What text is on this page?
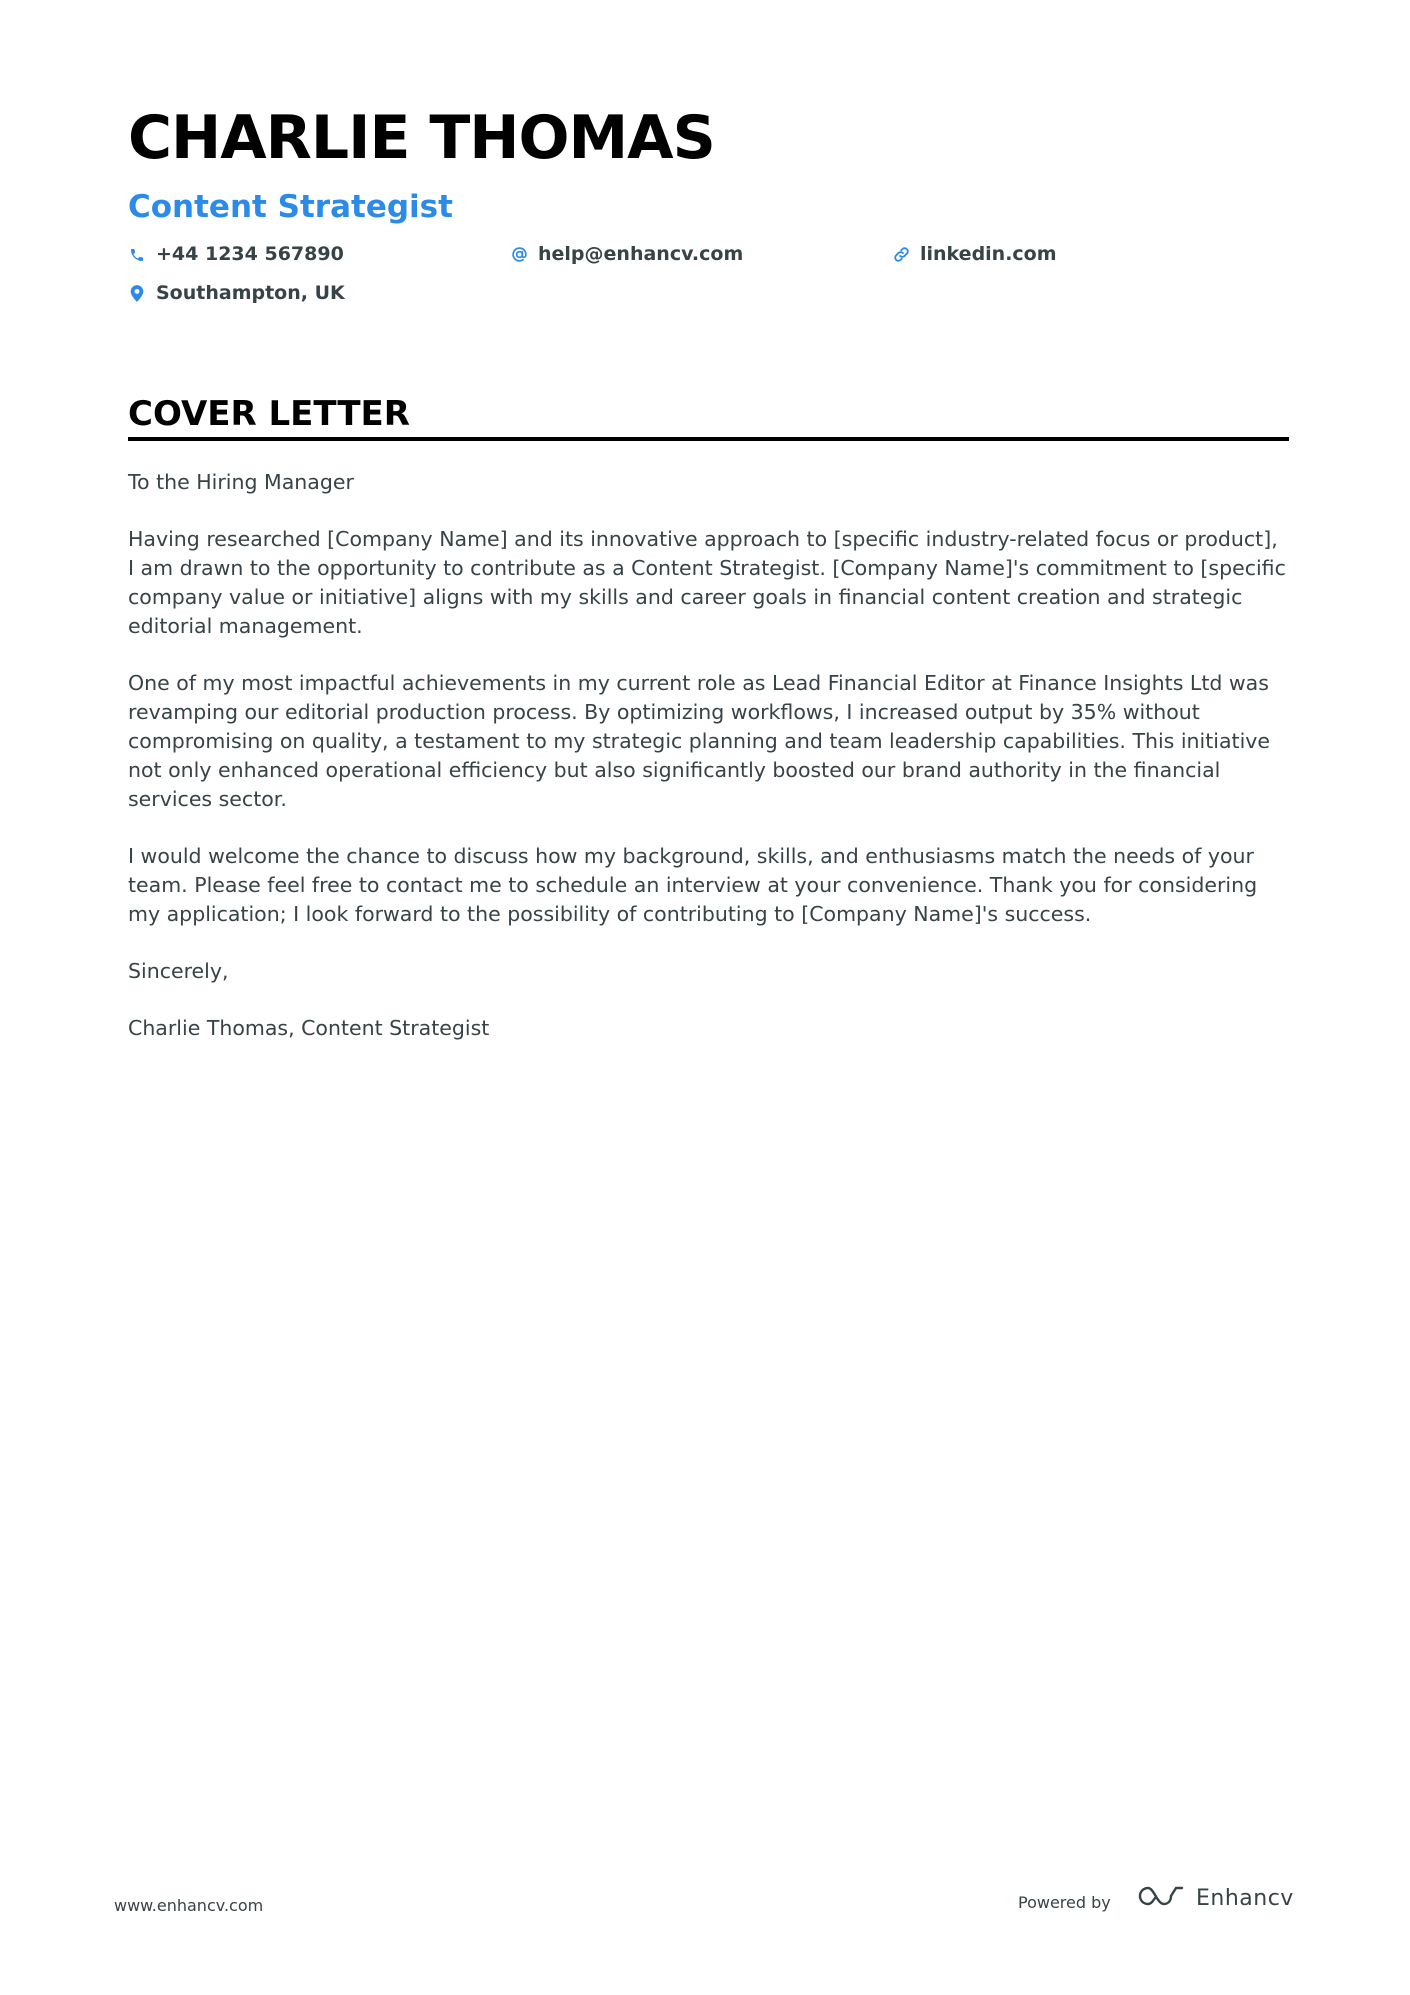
CHARLIE THOMAS
Content Strategist
+44 1234 567890	help@enhancv.com	linkedin.com
Southampton, UK
COVER LETTER

To the Hiring Manager

Having researched [Company Name] and its innovative approach to [specific industry-related focus or product], I am drawn to the opportunity to contribute as a Content Strategist. [Company Name]'s commitment to [specific company value or initiative] aligns with my skills and career goals in financial content creation and strategic editorial management.

One of my most impactful achievements in my current role as Lead Financial Editor at Finance Insights Ltd was revamping our editorial production process. By optimizing workflows, I increased output by 35% without compromising on quality, a testament to my strategic planning and team leadership capabilities. This initiative not only enhanced operational efficiency but also significantly boosted our brand authority in the financial services sector.

I would welcome the chance to discuss how my background, skills, and enthusiasms match the needs of your team. Please feel free to contact me to schedule an interview at your convenience. Thank you for considering my application; I look forward to the possibility of contributing to [Company Name]'s success.

Sincerely,

Charlie Thomas, Content Strategist

www.enhancv.com	Powered by	Enhancv
